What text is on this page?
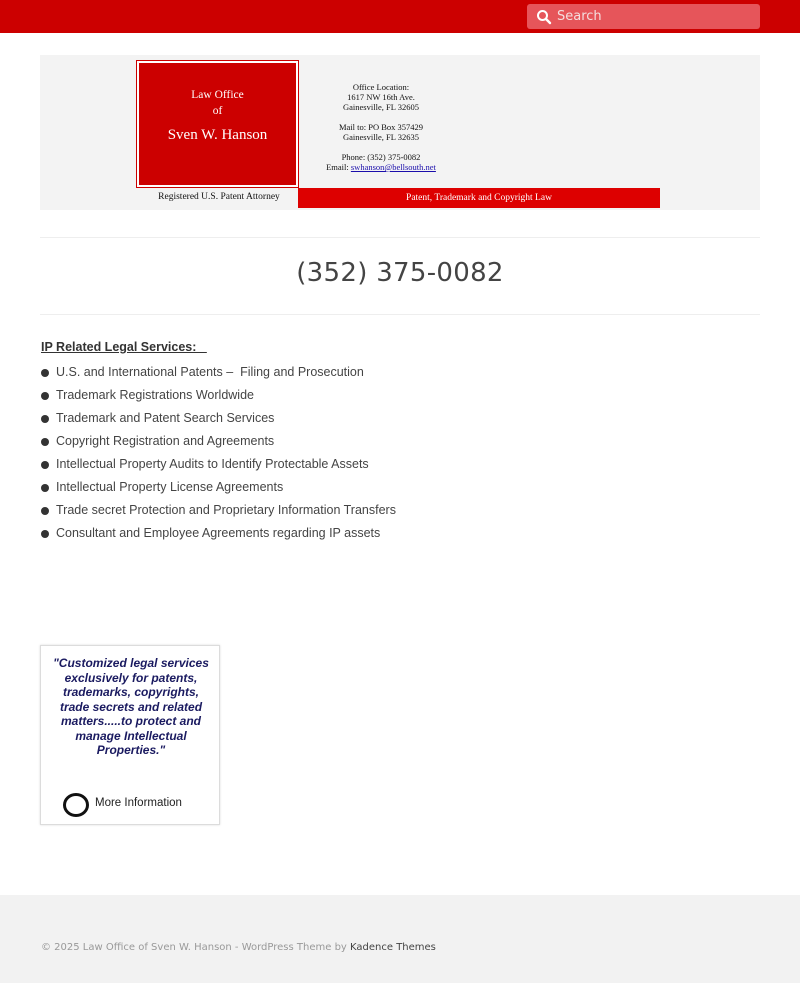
Search
Law Office
of
Sven W. Hanson
Office Location:
1617 NW 16th Ave.
Gainesville, FL 32605
Mail to: PO Box 357429
Gainesville, FL 32635
Phone: (352) 375-0082
Email: swhanson@bellsouth.net
Registered U.S. Patent Attorney	Patent, Trademark and Copyright Law
(352) 375-0082
IP Related Legal Services:
U.S. and International Patents –  Filing and Prosecution
Trademark Registrations Worldwide
Trademark and Patent Search Services
Copyright Registration and Agreements
Intellectual Property Audits to Identify Protectable Assets
Intellectual Property License Agreements
Trade secret Protection and Proprietary Information Transfers
Consultant and Employee Agreements regarding IP assets
"Customized legal services exclusively for patents, trademarks, copyrights, trade secrets and related matters.....to protect and manage Intellectual Properties."
More Information
© 2025 Law Office of Sven W. Hanson - WordPress Theme by Kadence Themes
